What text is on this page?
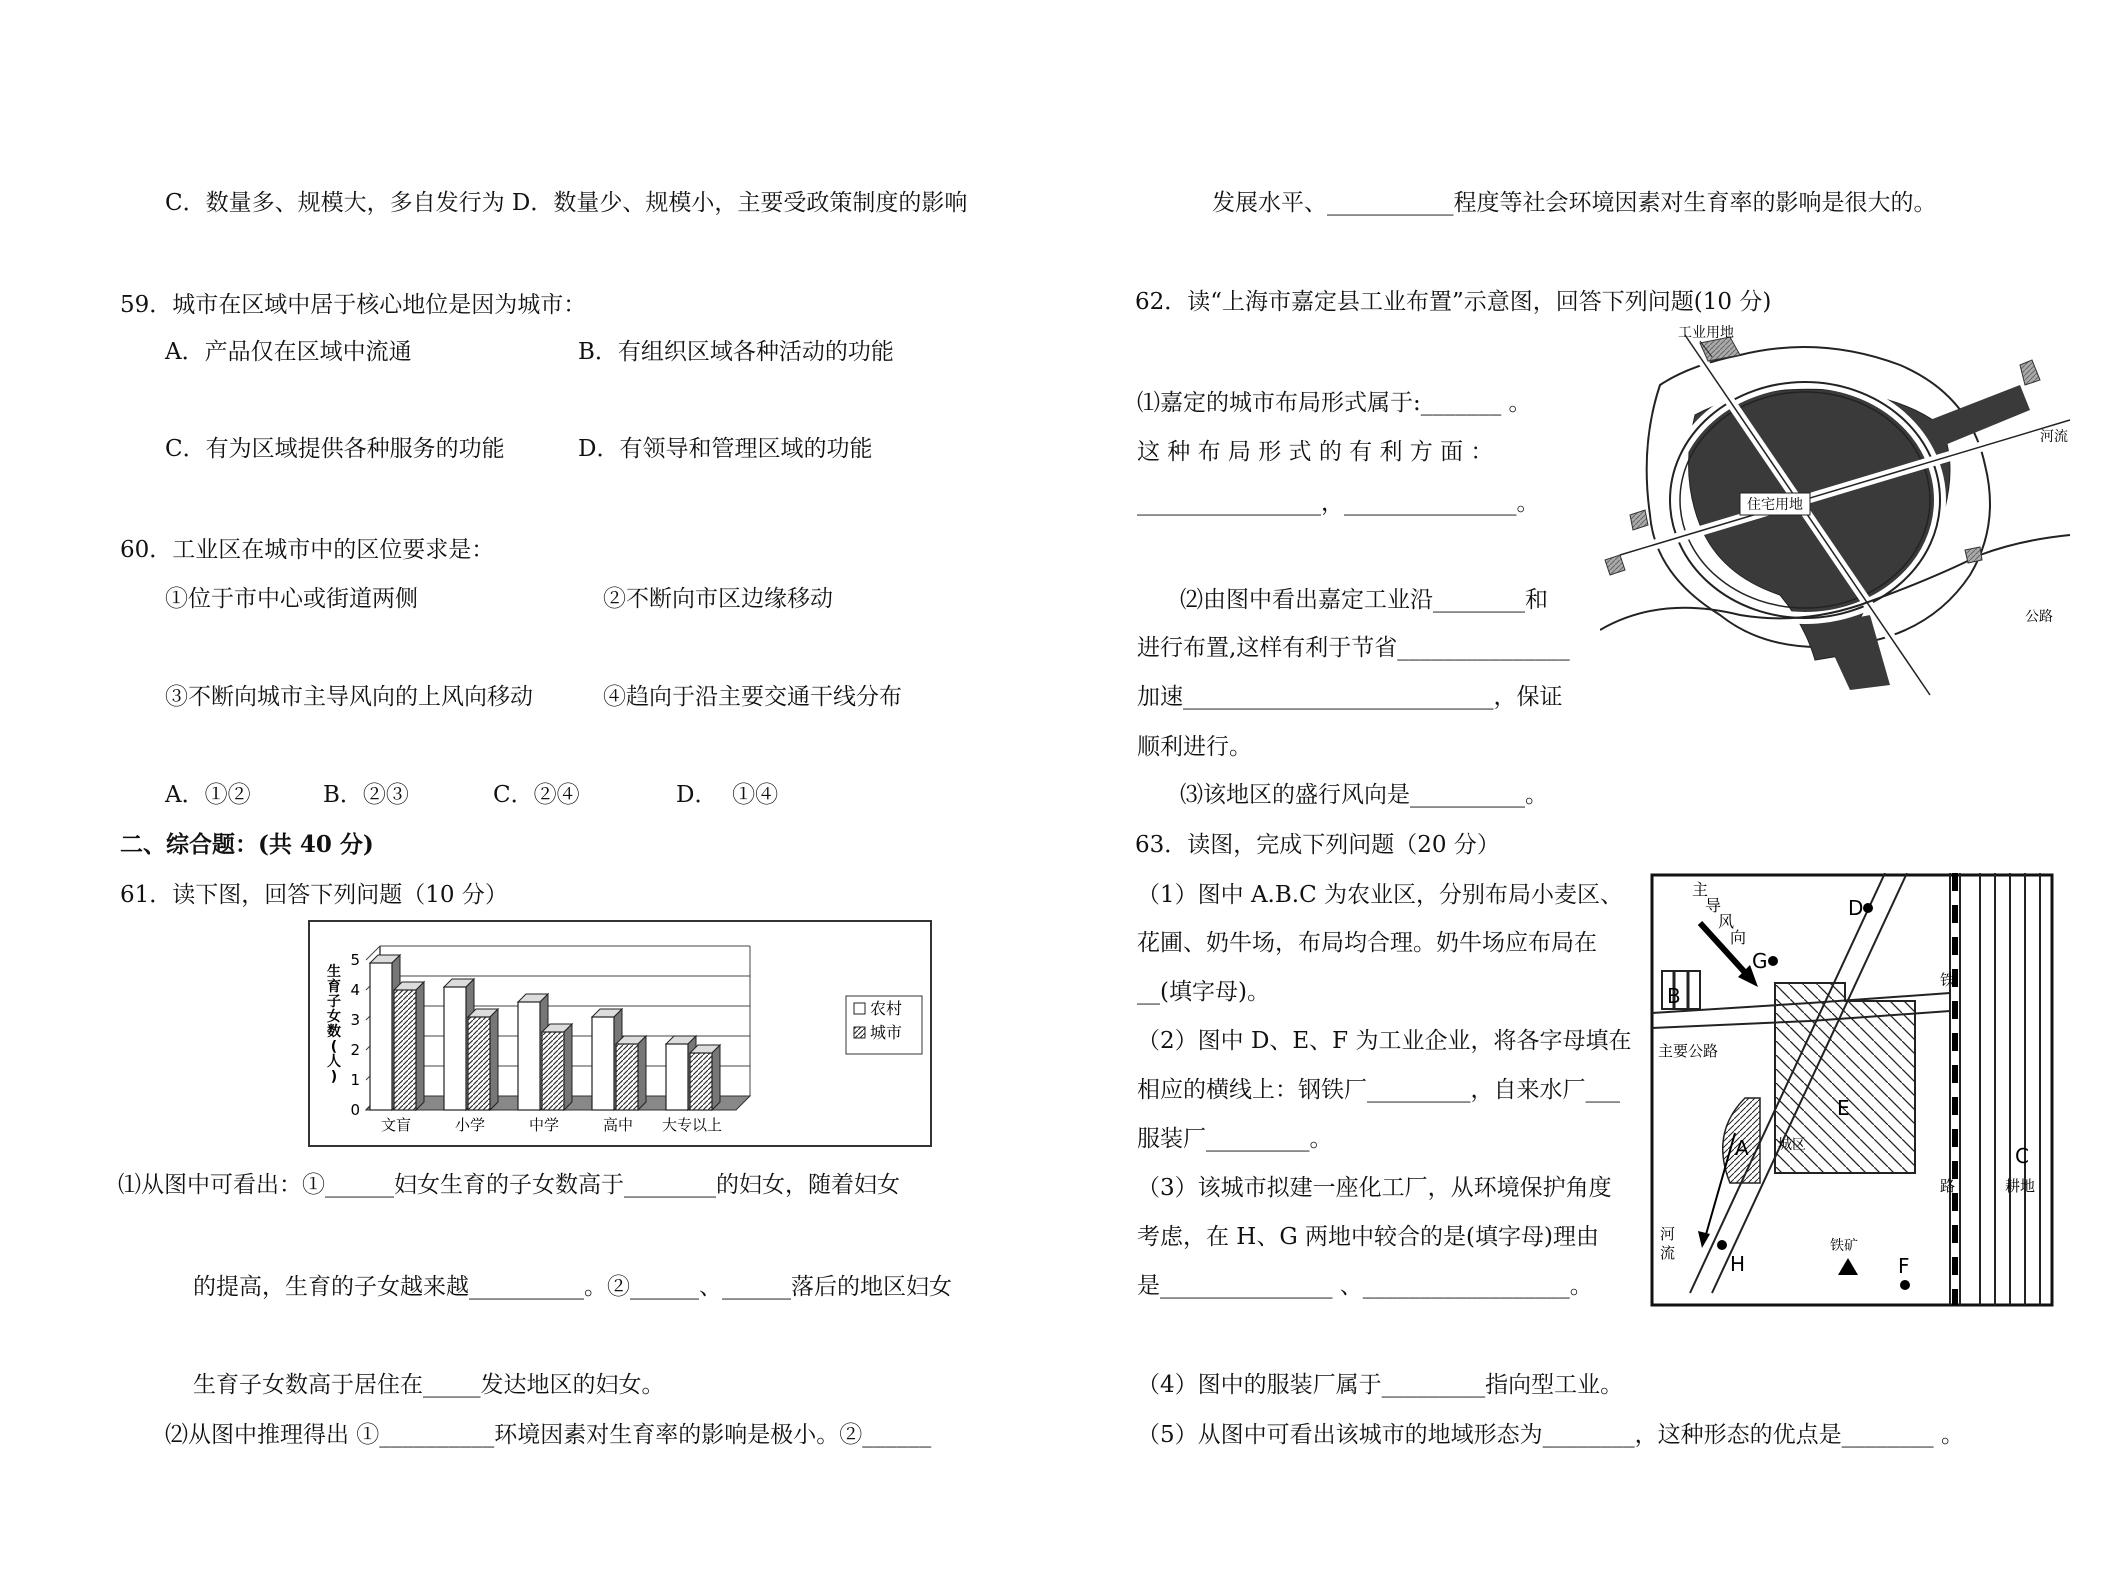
C．数量多、规模大，多自发行为 D．数量少、规模小，主要受政策制度的影响
59．城市在区域中居于核心地位是因为城市：
A．产品仅在区域中流通	B．有组织区域各种活动的功能
C．有为区域提供各种服务的功能	D．有领导和管理区域的功能
60．工业区在城市中的区位要求是：
①位于市中心或街道两侧	②不断向市区边缘移动
③不断向城市主导风向的上风向移动	④趋向于沿主要交通干线分布
A．①②	B．②③	C．②④	D．  ①④
二、综合题：(共 40 分)
61．读下图，回答下列问题（10 分）
0
1
2
3
4
5
文盲	小学	中学	高中 大专以上
生
育
子
女
数
(
人
)
农村
城市
⑴从图中可看出：①______妇女生育的子女数高于________的妇女，随着妇女
的提高，生育的子女越来越__________。②______、______落后的地区妇女
生育子女数高于居住在_____发达地区的妇女。
⑵从图中推理得出 ①__________环境因素对生育率的影响是极小。②______
发展水平、___________程度等社会环境因素对生育率的影响是很大的。
62．读“上海市嘉定县工业布置”示意图，回答下列问题(10 分)
⑴嘉定的城市布局形式属于:_______ 。
这 种 布 局 形 式 的 有 利 方 面 ：
________________，_______________。
⑵由图中看出嘉定工业沿________和
进行布置,这样有利于节省_______________
加速___________________________，保证
顺利进行。
⑶该地区的盛行风向是__________。
住宅用地
工业用地
河流
公路
63．读图，完成下列问题（20 分）
（1）图中 A.B.C 为农业区，分别布局小麦区、
花圃、奶牛场，布局均合理。奶牛场应布局在
__(填字母)。
（2）图中 D、E、F 为工业企业，将各字母填在
相应的横线上：钢铁厂_________，自来水厂___
服装厂_________。
（3）该城市拟建一座化工厂，从环境保护角度
考虑，在 H、G 两地中较合的是(填字母)理由
是_______________ 、__________________。
（4）图中的服装厂属于_________指向型工业。
（5）从图中可看出该城市的地域形态为________，这种形态的优点是________ 。
主
导
风
向
D
G
B
A
E
H	F
C
主要公路
城区
河
流
铁
路	耕地
铁矿
